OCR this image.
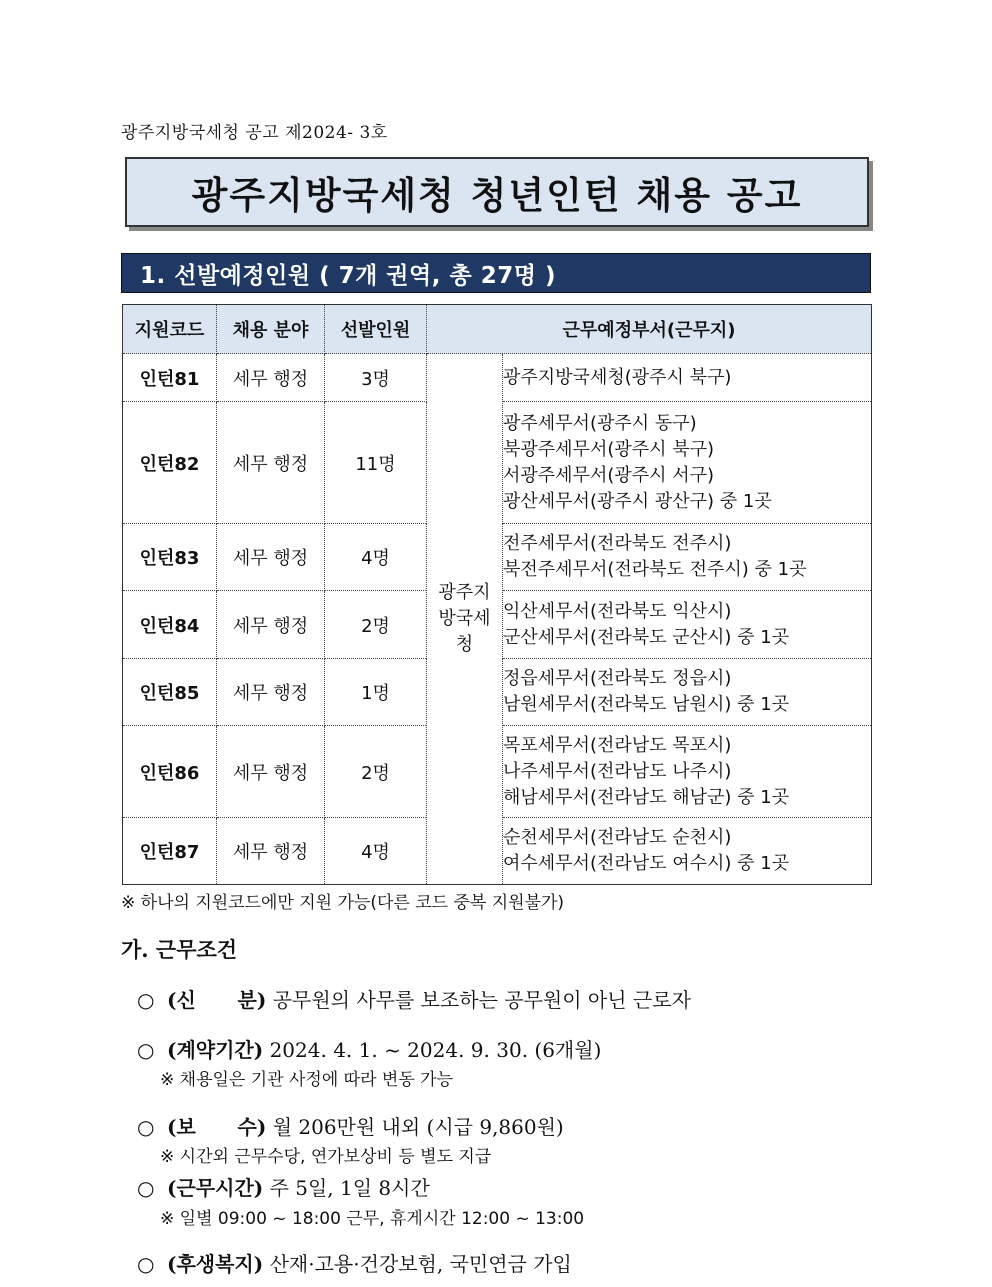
광주지방국세청 공고 제2024- 3호
광주지방국세청 청년인턴 채용 공고
1. 선발예정인원 ( 7개 권역, 총 27명 )
지원코드	채용 분야	선발인원	근무예정부서(근무지)	
인턴81	세무 행정	3명	광주지방국세청	광주지방국세청(광주시 북구)

인턴82	세무 행정	11명		광주세무서(광주시 동구)
북광주세무서(광주시 북구)
서광주세무서(광주시 서구)
광산세무서(광주시 광산구) 중 1곳

인턴83	세무 행정	4명		전주세무서(전라북도 전주시)
북전주세무서(전라북도 전주시) 중 1곳

인턴84	세무 행정	2명		익산세무서(전라북도 익산시)
군산세무서(전라북도 군산시) 중 1곳

인턴85	세무 행정	1명		정읍세무서(전라북도 정읍시)
남원세무서(전라북도 남원시) 중 1곳

인턴86	세무 행정	2명		목포세무서(전라남도 목포시)
나주세무서(전라남도 나주시)
해남세무서(전라남도 해남군) 중 1곳

인턴87	세무 행정	4명		순천세무서(전라남도 순천시)
여수세무서(전라남도 여수시) 중 1곳
※ 하나의 지원코드에만 지원 가능(다른 코드 중복 지원불가)
가. 근무조건
○ (신      분) 공무원의 사무를 보조하는 공무원이 아닌 근로자
○ (계약기간) 2024. 4. 1. ~ 2024. 9. 30. (6개월)
※ 채용일은 기관 사정에 따라 변동 가능
○ (보      수) 월 206만원 내외 (시급 9,860원)
※ 시간외 근무수당, 연가보상비 등 별도 지급
○ (근무시간) 주 5일, 1일 8시간
※ 일별 09:00 ~ 18:00 근무, 휴게시간 12:00 ~ 13:00
○ (후생복지) 산재·고용·건강보험, 국민연금 가입
